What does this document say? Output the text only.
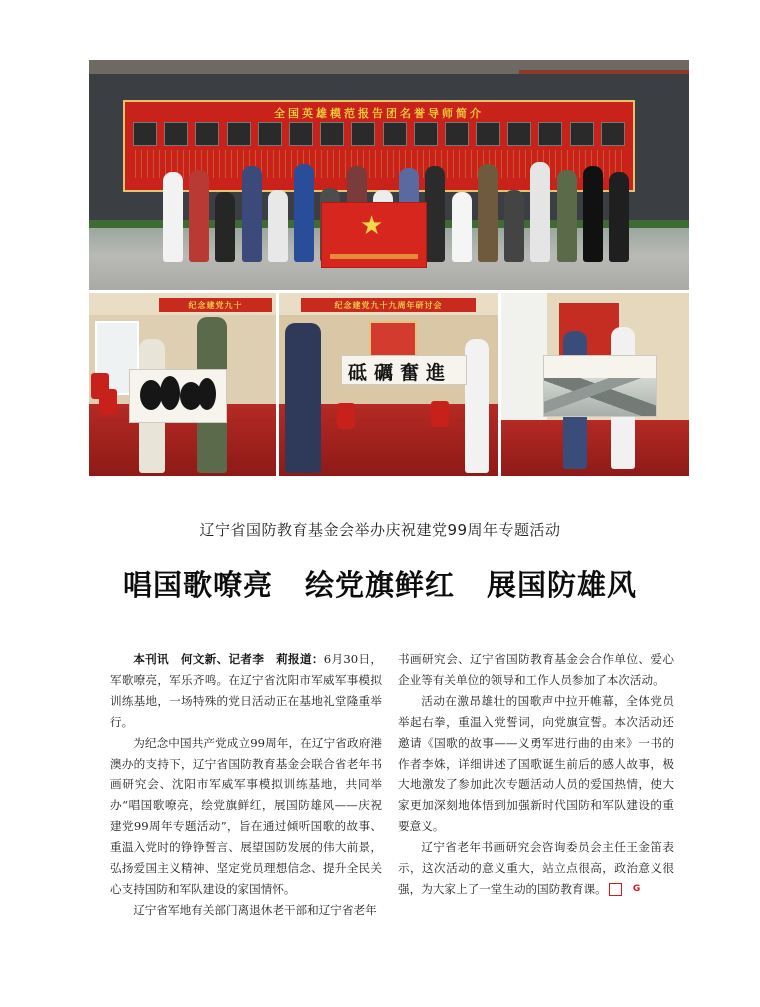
全国英雄模范报告团名誉导师简介
★
纪念建党九十	纪念建党九十九周年研讨会
砥礪奮進
辽宁省国防教育基金会举办庆祝建党99周年专题活动
唱国歌嘹亮 绘党旗鲜红 展国防雄风

本刊讯　何文新、记者李　莉报道：6月30日，军歌嘹亮，军乐齐鸣。在辽宁省沈阳市军威军事模拟训练基地，一场特殊的党日活动正在基地礼堂隆重举行。

为纪念中国共产党成立99周年，在辽宁省政府港澳办的支持下，辽宁省国防教育基金会联合省老年书画研究会、沈阳市军威军事模拟训练基地，共同举办“唱国歌嘹亮，绘党旗鲜红，展国防雄风——庆祝建党99周年专题活动”，旨在通过倾听国歌的故事、重温入党时的铮铮誓言、展望国防发展的伟大前景，弘扬爱国主义精神、坚定党员理想信念、提升全民关心支持国防和军队建设的家国情怀。

辽宁省军地有关部门离退休老干部和辽宁省老年

书画研究会、辽宁省国防教育基金会合作单位、爱心企业等有关单位的领导和工作人员参加了本次活动。

活动在激昂雄壮的国歌声中拉开帷幕，全体党员举起右拳，重温入党誓词，向党旗宣誓。本次活动还邀请《国歌的故事——义勇军进行曲的由来》一书的作者李姝，详细讲述了国歌诞生前后的感人故事，极大地激发了参加此次专题活动人员的爱国热情，使大家更加深刻地体悟到加强新时代国防和军队建设的重要意义。

辽宁省老年书画研究会咨询委员会主任王金笛表示，这次活动的意义重大，站立点很高，政治意义很强，为大家上了一堂生动的国防教育课。	G
